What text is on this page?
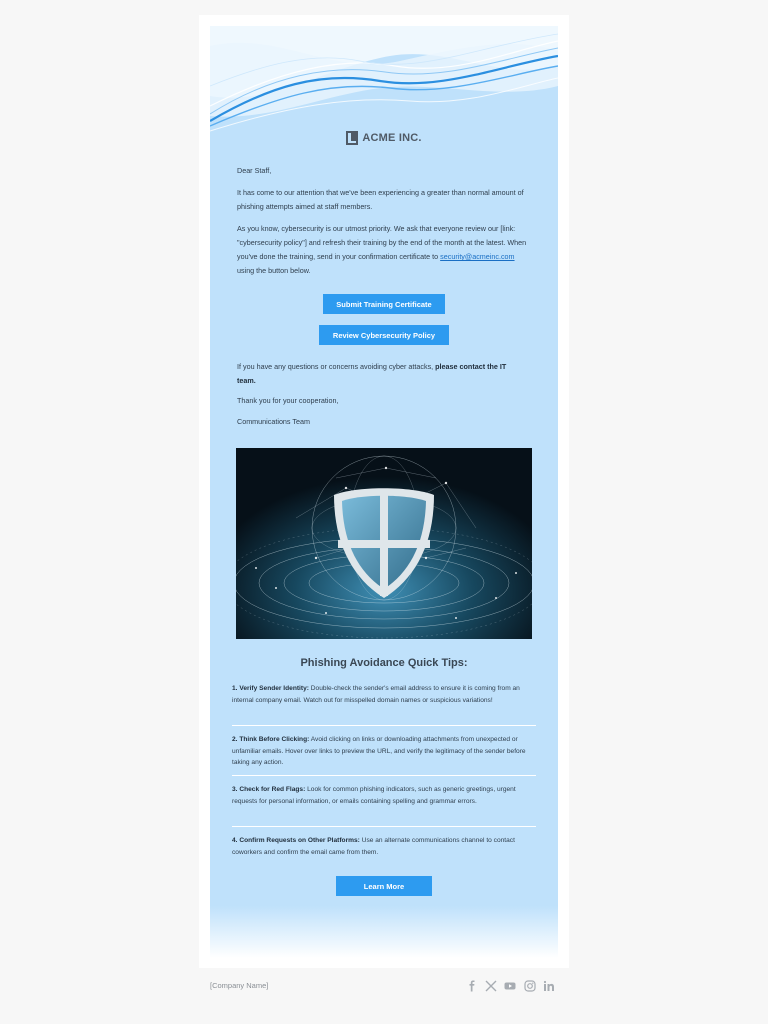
ACME INC.

Dear Staff,

It has come to our attention that we've been experiencing a greater than normal amount of phishing attempts aimed at staff members.

As you know, cybersecurity is our utmost priority. We ask that everyone review our [link: "cybersecurity policy"] and refresh their training by the end of the month at the latest. When you've done the training, send in your confirmation certificate to security@acmeinc.com using the button below.

Submit Training Certificate
Review Cybersecurity Policy

If you have any questions or concerns avoiding cyber attacks, please contact the IT team.

Thank you for your cooperation,

Communications Team

Phishing Avoidance Quick Tips:

1. Verify Sender Identity: Double-check the sender's email address to ensure it is coming from an internal company email. Watch out for misspelled domain names or suspicious variations!

2. Think Before Clicking: Avoid clicking on links or downloading attachments from unexpected or unfamiliar emails. Hover over links to preview the URL, and verify the legitimacy of the sender before taking any action.

3. Check for Red Flags: Look for common phishing indicators, such as generic greetings, urgent requests for personal information, or emails containing spelling and grammar errors.

4. Confirm Requests on Other Platforms: Use an alternate communications channel to contact coworkers and confirm the email came from them.

Learn More
[Company Name]
